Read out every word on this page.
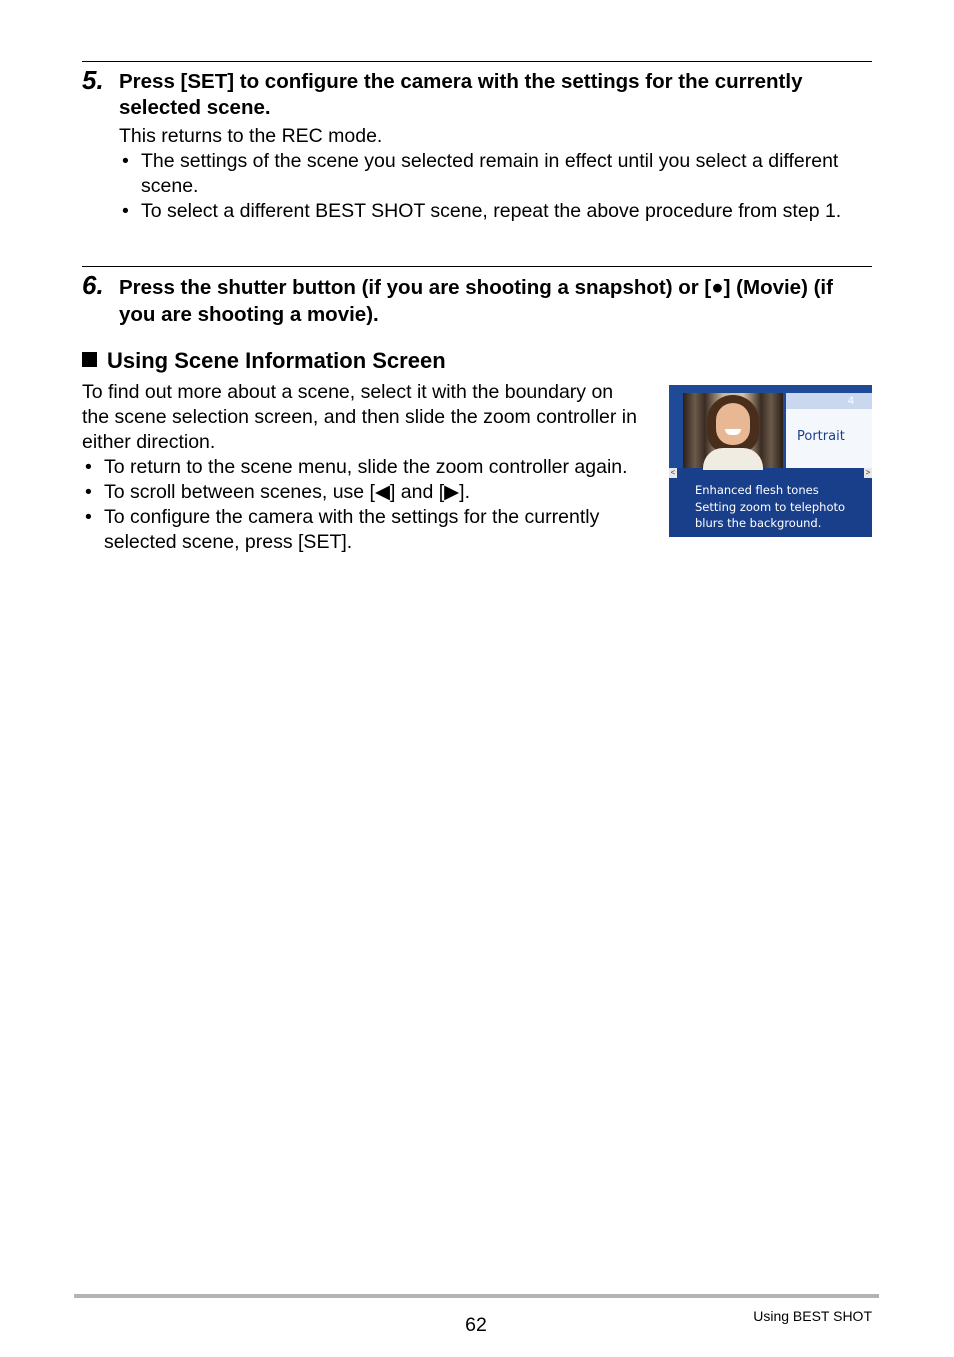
5. Press [SET] to configure the camera with the settings for the currently selected scene.
This returns to the REC mode.
• The settings of the scene you selected remain in effect until you select a different scene.
• To select a different BEST SHOT scene, repeat the above procedure from step 1.
6. Press the shutter button (if you are shooting a snapshot) or [●] (Movie) (if you are shooting a movie).
Using Scene Information Screen
To find out more about a scene, select it with the boundary on the scene selection screen, and then slide the zoom controller in either direction.
• To return to the scene menu, slide the zoom controller again.
• To scroll between scenes, use [◀] and [▶].
• To configure the camera with the settings for the currently selected scene, press [SET].
4
Portrait
<	>
Enhanced flesh tones
Setting zoom to telephoto
blurs the background.
62	Using BEST SHOT
